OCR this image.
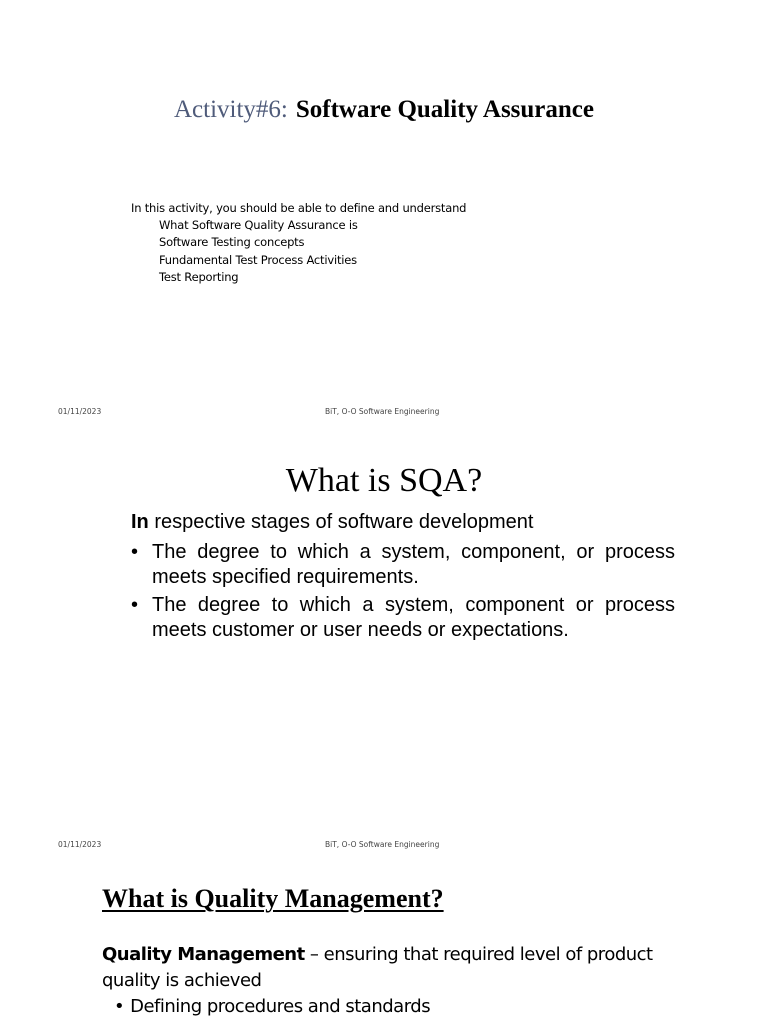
Activity#6: Software Quality Assurance
In this activity, you should be able to define and understand
What Software Quality Assurance is
Software Testing concepts
Fundamental Test Process Activities
Test Reporting
01/11/2023	BiT, O-O Software Engineering
What is SQA?

In respective stages of software development

• The degree to which a system, component, or process meets specified requirements.
• The degree to which a system, component or process meets customer or user needs or expectations.
01/11/2023	BiT, O-O Software Engineering
What is Quality Management?

Quality Management – ensuring that required level of product quality is achieved

• Defining procedures and standards
